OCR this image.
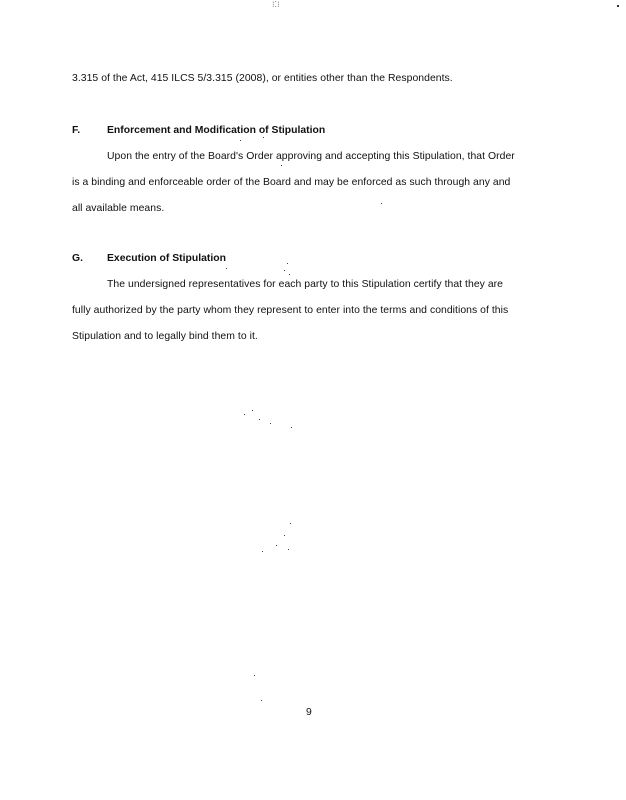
⁝⁚⁝
3.315 of the Act, 415 ILCS 5/3.315 (2008), or entities other than the Respondents.
F.	Enforcement and Modification of Stipulation
Upon the entry of the Board's Order approving and accepting this Stipulation, that Order
is a binding and enforceable order of the Board and may be enforced as such through any and
all available means.
G. Execution of Stipulation
The undersigned representatives for each party to this Stipulation certify that they are
fully authorized by the party whom they represent to enter into the terms and conditions of this
Stipulation and to legally bind them to it.
9
